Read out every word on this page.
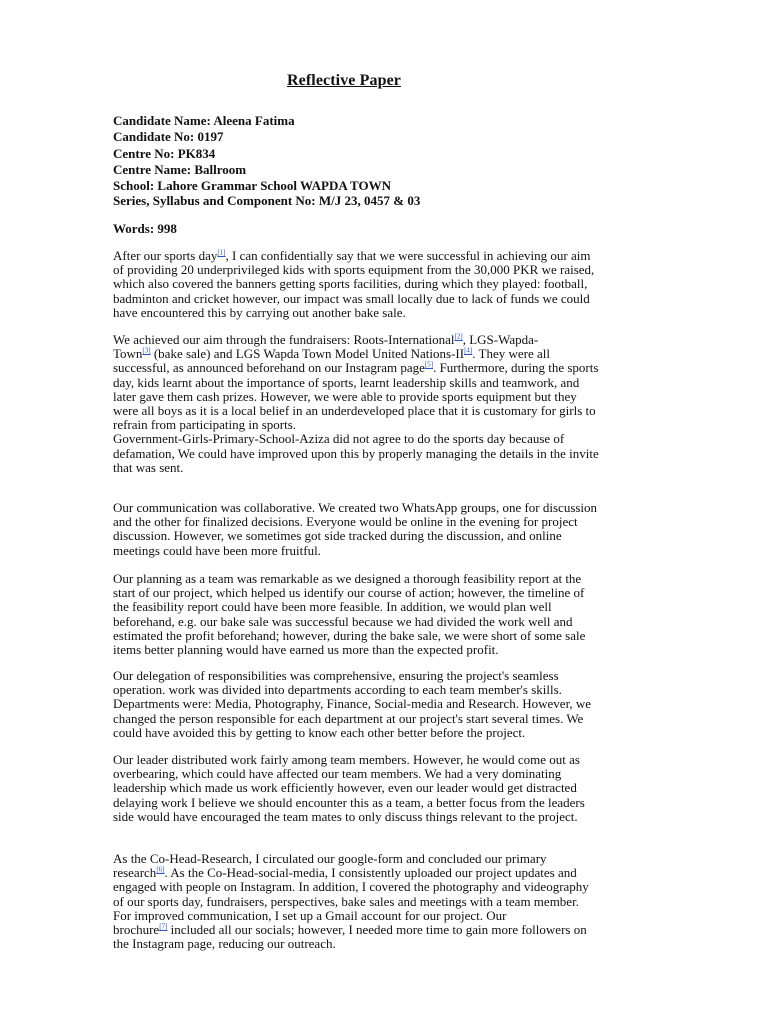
Reflective Paper
Candidate Name: Aleena Fatima
Candidate No: 0197
Centre No: PK834
Centre Name: Ballroom
School: Lahore Grammar School WAPDA TOWN
Series, Syllabus and Component No: M/J 23, 0457 & 03
Words: 998
After our sports day[1], I can confidentially say that we were successful in achieving our aim
of providing 20 underprivileged kids with sports equipment from the 30,000 PKR we raised,
which also covered the banners getting sports facilities, during which they played: football,
badminton and cricket however, our impact was small locally due to lack of funds we could
have encountered this by carrying out another bake sale.
We achieved our aim through the fundraisers: Roots-International[2], LGS-Wapda-
Town[3] (bake sale) and LGS Wapda Town Model United Nations-II[4]. They were all
successful, as announced beforehand on our Instagram page[5]. Furthermore, during the sports
day, kids learnt about the importance of sports, learnt leadership skills and teamwork, and
later gave them cash prizes. However, we were able to provide sports equipment but they
were all boys as it is a local belief in an underdeveloped place that it is customary for girls to
refrain from participating in sports.
Government-Girls-Primary-School-Aziza did not agree to do the sports day because of
defamation, We could have improved upon this by properly managing the details in the invite
that was sent.
Our communication was collaborative. We created two WhatsApp groups, one for discussion
and the other for finalized decisions. Everyone would be online in the evening for project
discussion. However, we sometimes got side tracked during the discussion, and online
meetings could have been more fruitful.
Our planning as a team was remarkable as we designed a thorough feasibility report at the
start of our project, which helped us identify our course of action; however, the timeline of
the feasibility report could have been more feasible. In addition, we would plan well
beforehand, e.g. our bake sale was successful because we had divided the work well and
estimated the profit beforehand; however, during the bake sale, we were short of some sale
items better planning would have earned us more than the expected profit.
Our delegation of responsibilities was comprehensive, ensuring the project's seamless
operation. work was divided into departments according to each team member's skills.
Departments were: Media, Photography, Finance, Social-media and Research. However, we
changed the person responsible for each department at our project's start several times. We
could have avoided this by getting to know each other better before the project.
Our leader distributed work fairly among team members. However, he would come out as
overbearing, which could have affected our team members. We had a very dominating
leadership which made us work efficiently however, even our leader would get distracted
delaying work I believe we should encounter this as a team, a better focus from the leaders
side would have encouraged the team mates to only discuss things relevant to the project.
As the Co-Head-Research, I circulated our google-form and concluded our primary
research[6]. As the Co-Head-social-media, I consistently uploaded our project updates and
engaged with people on Instagram. In addition, I covered the photography and videography
of our sports day, fundraisers, perspectives, bake sales and meetings with a team member.
For improved communication, I set up a Gmail account for our project. Our
brochure[7] included all our socials; however, I needed more time to gain more followers on
the Instagram page, reducing our outreach.
